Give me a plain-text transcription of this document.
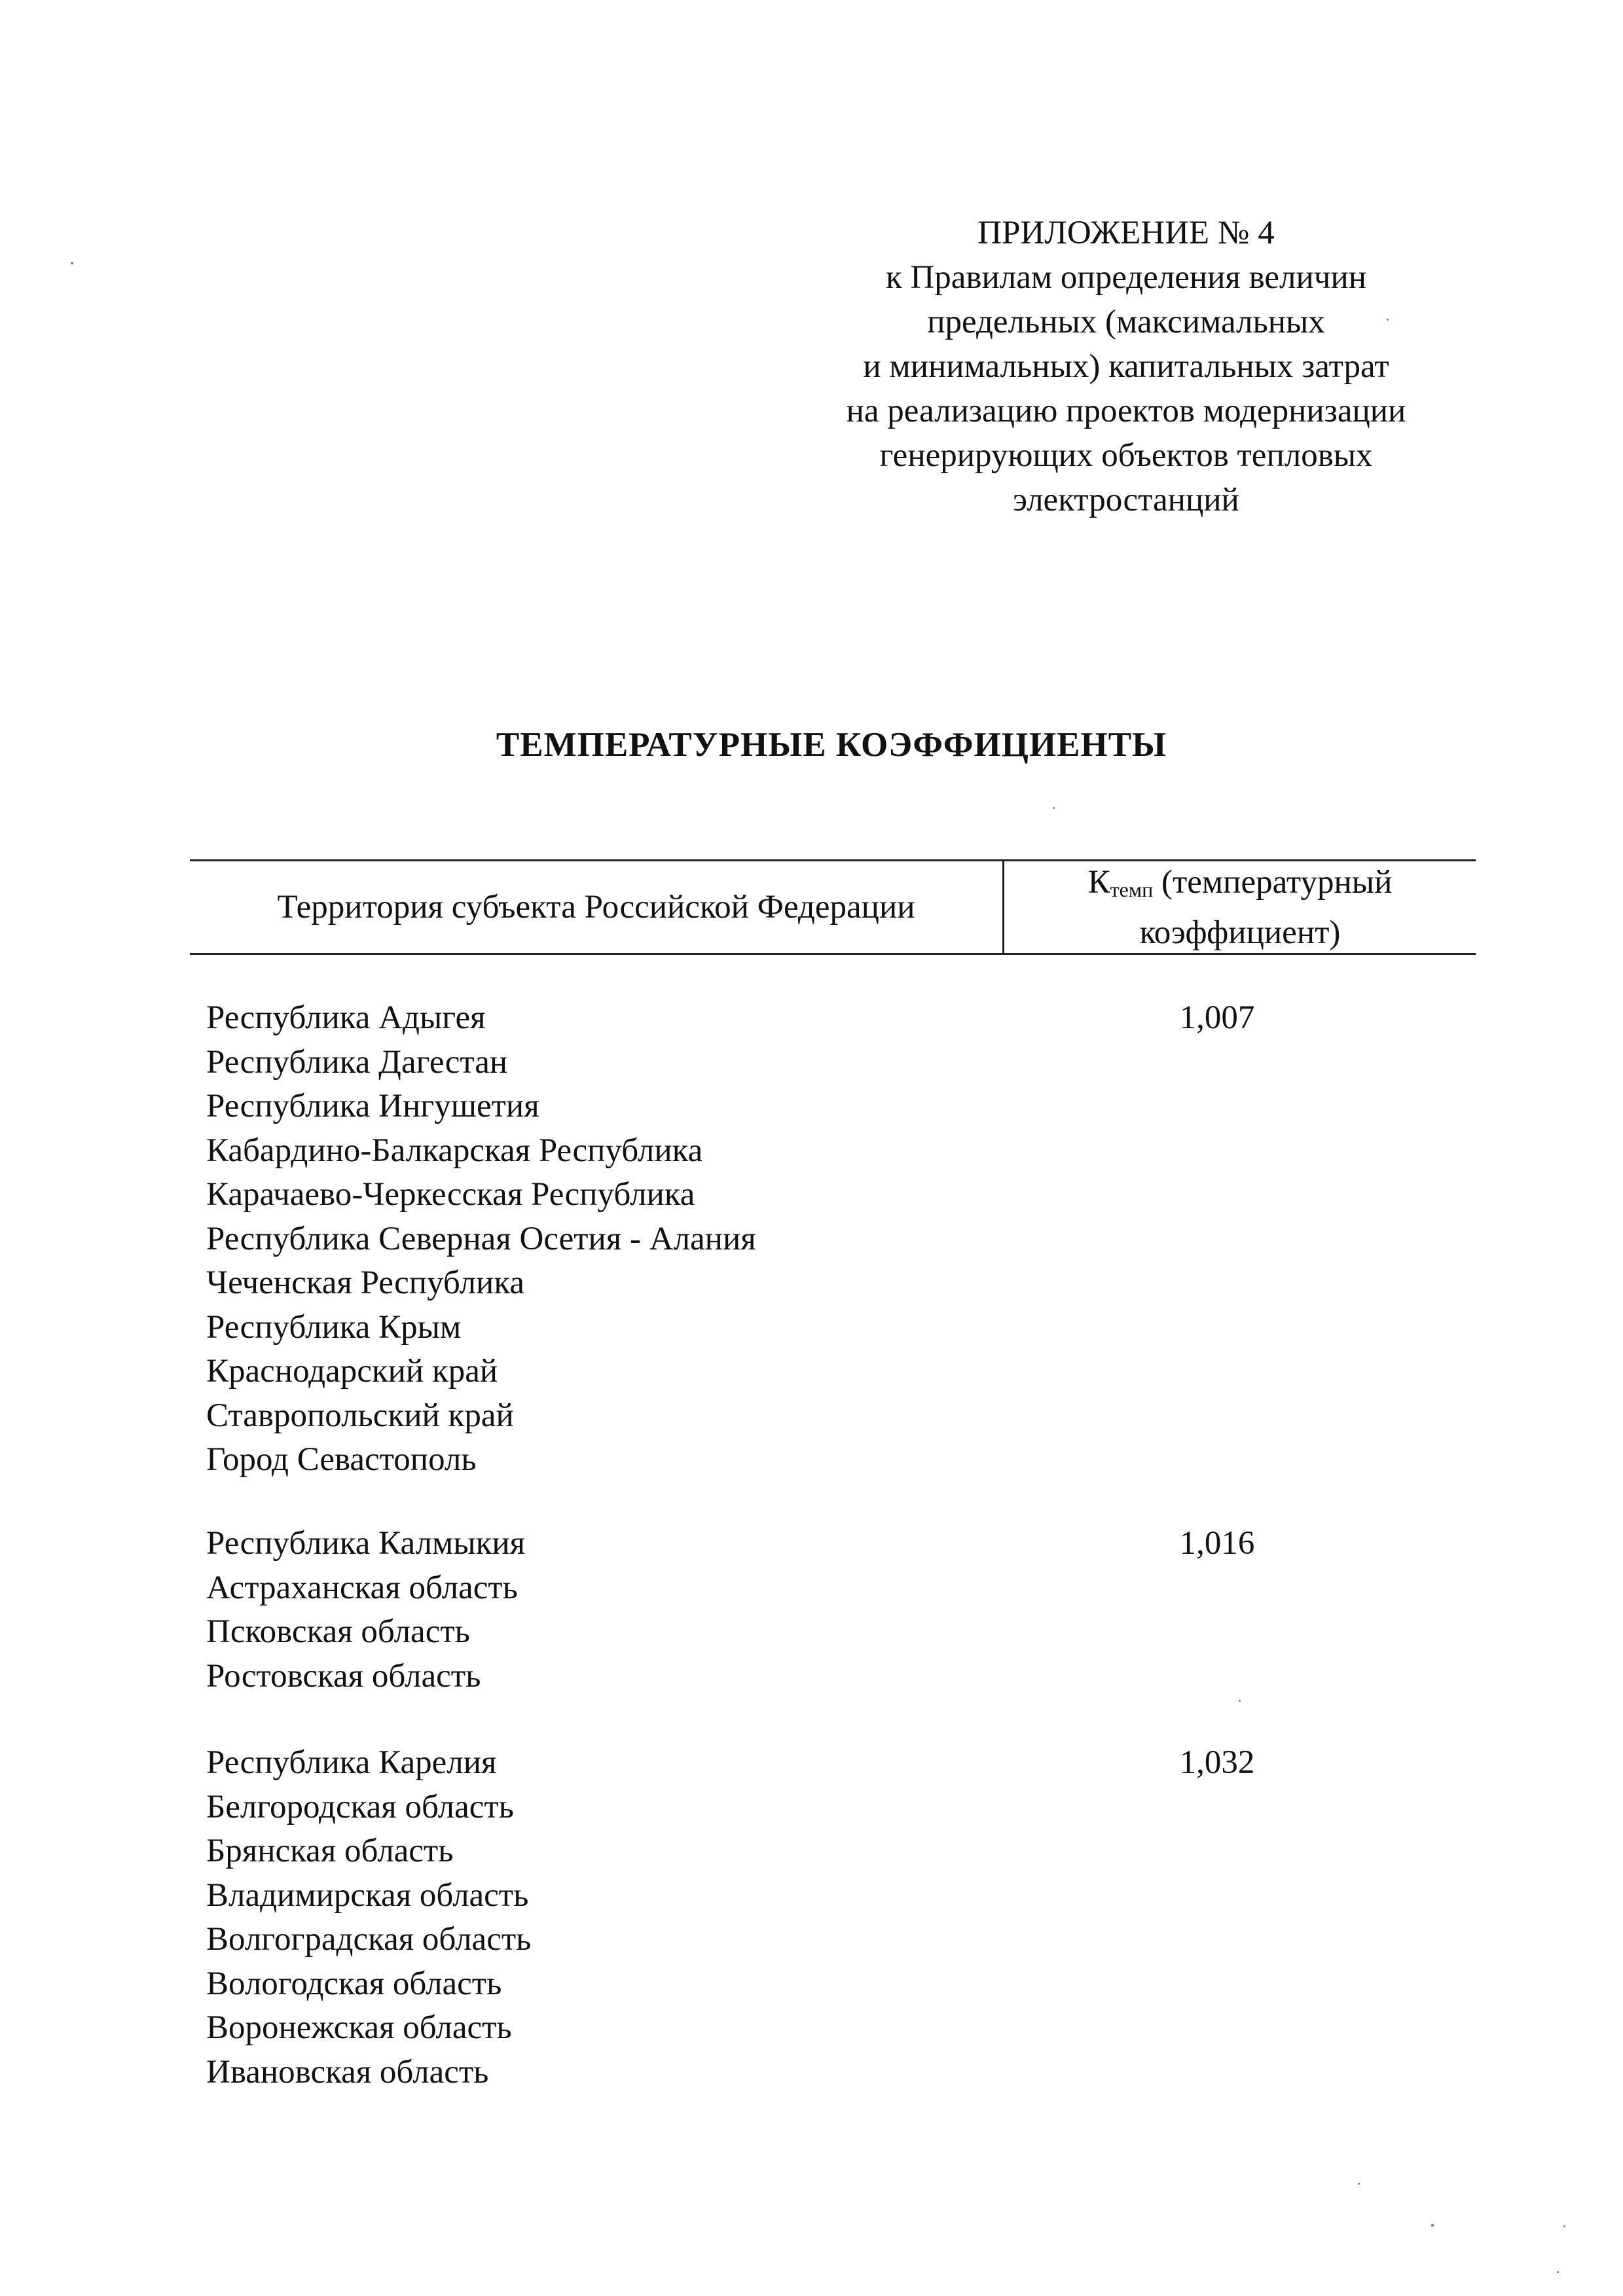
ПРИЛОЖЕНИЕ № 4
к Правилам определения величин
предельных (максимальных
и минимальных) капитальных затрат
на реализацию проектов модернизации
генерирующих объектов тепловых
электростанций
ТЕМПЕРАТУРНЫЕ КОЭФФИЦИЕНТЫ
Территория субъекта Российской Федерации
$К_{темп}$ (температурный
коэффициент)
Республика Адыгея
Республика Дагестан
Республика Ингушетия
Кабардино-Балкарская Республика
Карачаево-Черкесская Республика
Республика Северная Осетия - Алания
Чеченская Республика
Республика Крым
Краснодарский край
Ставропольский край
Город Севастополь
1,007
Республика Калмыкия
Астраханская область
Псковская область
Ростовская область
1,016
Республика Карелия
Белгородская область
Брянская область
Владимирская область
Волгоградская область
Вологодская область
Воронежская область
Ивановская область
1,032
